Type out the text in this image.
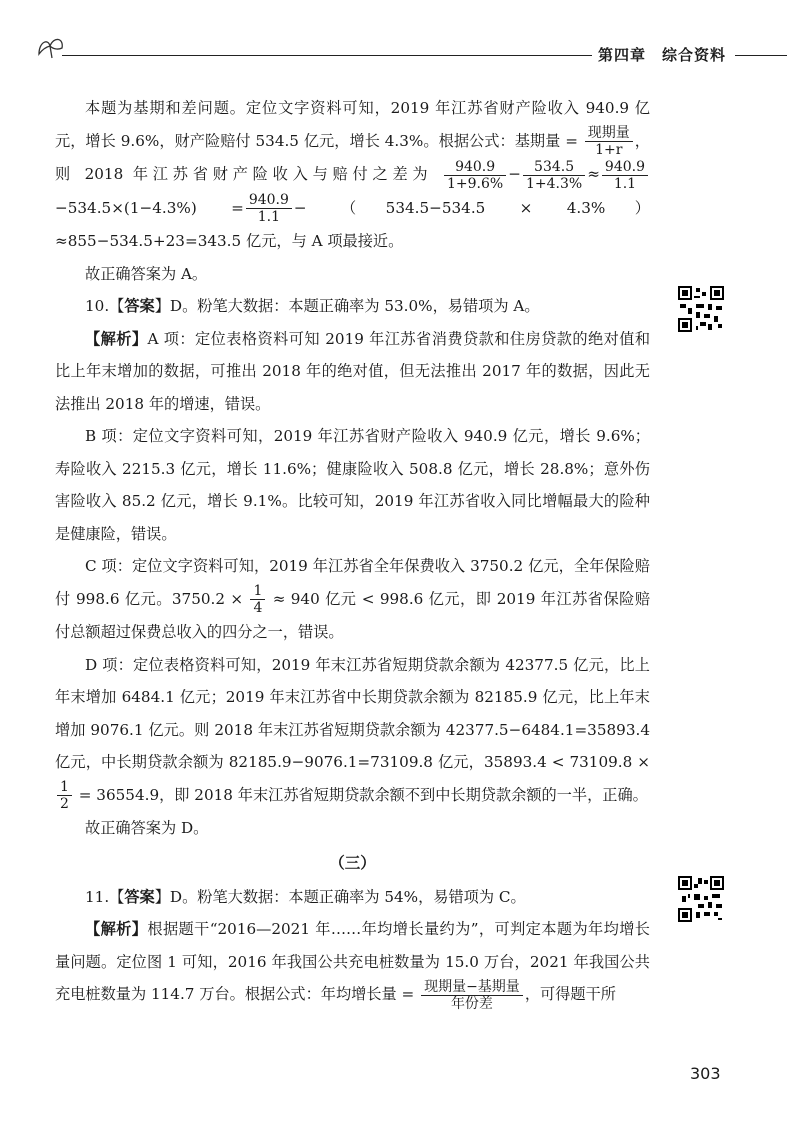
第四章 综合资料

本题为基期和差问题。定位文字资料可知，2019 年江苏省财产险收入 940.9 亿元，增长 9.6%，财产险赔付 534.5 亿元，增长 4.3%。根据公式：基期量 = $\frac{\text{现期量}}{1+r}$ ，则 2018 年江苏省财产险收入与赔付之差为 $\frac{940.9}{1+9.6\%} - \frac{534.5}{1+4.3\%} \approx \frac{940.9}{1.1}$
$-534.5\times(1-4.3\%) = \frac{940.9}{1.1} - (534.5-534.5 \times 4.3\%)\approx 855-534.5+23=343.5$ 亿元，与 A 项最接近。

故正确答案为 A。

10.【答案】D。粉笔大数据：本题正确率为 53.0%，易错项为 A。

【解析】A 项：定位表格资料可知 2019 年江苏省消费贷款和住房贷款的绝对值和比上年末增加的数据，可推出 2018 年的绝对值，但无法推出 2017 年的数据，因此无法推出 2018 年的增速，错误。

B 项：定位文字资料可知，2019 年江苏省财产险收入 940.9 亿元，增长 9.6%；寿险收入 2215.3 亿元，增长 11.6%；健康险收入 508.8 亿元，增长 28.8%；意外伤害险收入 85.2 亿元，增长 9.1%。比较可知，2019 年江苏省收入同比增幅最大的险种是健康险，错误。

C 项：定位文字资料可知，2019 年江苏省全年保费收入 3750.2 亿元，全年保险赔付 998.6 亿元。$3750.2 \times \frac{1}{4} \approx 940$ 亿元 < 998.6 亿元，即 2019 年江苏省保险赔付总额超过保费总收入的四分之一，错误。

D 项：定位表格资料可知，2019 年末江苏省短期贷款余额为 42377.5 亿元，比上年末增加 6484.1 亿元；2019 年末江苏省中长期贷款余额为 82185.9 亿元，比上年末增加 9076.1 亿元。则 2018 年末江苏省短期贷款余额为 42377.5−6484.1=35893.4 亿元，中长期贷款余额为 82185.9−9076.1=73109.8 亿元，35893.4 < 73109.8 ×
$\frac{1}{2} = 36554.9$，即 2018 年末江苏省短期贷款余额不到中长期贷款余额的一半，正确。

故正确答案为 D。

（三）

11.【答案】D。粉笔大数据：本题正确率为 54%，易错项为 C。

【解析】根据题干“2016—2021 年……年均增长量约为”，可判定本题为年均增长量问题。定位图 1 可知，2016 年我国公共充电桩数量为 15.0 万台，2021 年我国公共充电桩数量为 114.7 万台。根据公式：年均增长量 = $\frac{\text{现期量−基期量}}{\text{年份差}}$ ，可得题干所

303
